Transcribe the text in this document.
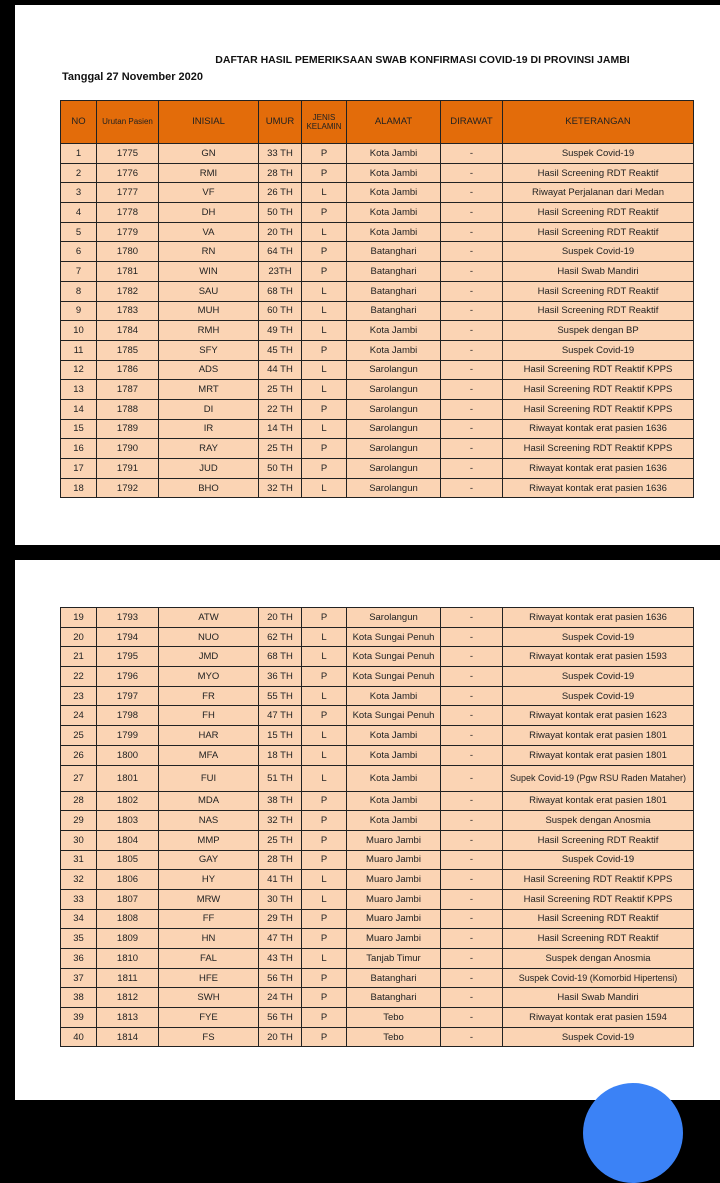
DAFTAR HASIL PEMERIKSAAN SWAB KONFIRMASI COVID-19 DI PROVINSI JAMBI
Tanggal 27 November 2020
NO	Urutan Pasien	INISIAL	UMUR	JENIS KELAMIN	ALAMAT	DIRAWAT	KETERANGAN
1	1775	GN	33 TH	P	Kota Jambi	-	Suspek Covid-19
2	1776	RMI	28 TH	P	Kota Jambi	-	Hasil Screening RDT Reaktif
3	1777	VF	26 TH	L	Kota Jambi	-	Riwayat Perjalanan dari Medan
4	1778	DH	50 TH	P	Kota Jambi	-	Hasil Screening RDT Reaktif
5	1779	VA	20 TH	L	Kota Jambi	-	Hasil Screening RDT Reaktif
6	1780	RN	64 TH	P	Batanghari	-	Suspek Covid-19
7	1781	WIN	23TH	P	Batanghari	-	Hasil Swab Mandiri
8	1782	SAU	68 TH	L	Batanghari	-	Hasil Screening RDT Reaktif
9	1783	MUH	60 TH	L	Batanghari	-	Hasil Screening RDT Reaktif
10	1784	RMH	49 TH	L	Kota Jambi	-	Suspek dengan BP
11	1785	SFY	45 TH	P	Kota Jambi	-	Suspek Covid-19
12	1786	ADS	44 TH	L	Sarolangun	-	Hasil Screening RDT Reaktif KPPS
13	1787	MRT	25 TH	L	Sarolangun	-	Hasil Screening RDT Reaktif KPPS
14	1788	DI	22 TH	P	Sarolangun	-	Hasil Screening RDT Reaktif KPPS
15	1789	IR	14 TH	L	Sarolangun	-	Riwayat kontak erat pasien 1636
16	1790	RAY	25 TH	P	Sarolangun	-	Hasil Screening RDT Reaktif KPPS
17	1791	JUD	50 TH	P	Sarolangun	-	Riwayat kontak erat pasien 1636
18	1792	BHO	32 TH	L	Sarolangun	-	Riwayat kontak erat pasien 1636
19	1793	ATW	20 TH	P	Sarolangun	-	Riwayat kontak erat pasien 1636
20	1794	NUO	62 TH	L	Kota Sungai Penuh	-	Suspek Covid-19
21	1795	JMD	68 TH	L	Kota Sungai Penuh	-	Riwayat kontak erat pasien 1593
22	1796	MYO	36 TH	P	Kota Sungai Penuh	-	Suspek Covid-19
23	1797	FR	55 TH	L	Kota Jambi	-	Suspek Covid-19
24	1798	FH	47 TH	P	Kota Sungai Penuh	-	Riwayat kontak erat pasien 1623
25	1799	HAR	15 TH	L	Kota Jambi	-	Riwayat kontak erat pasien 1801
26	1800	MFA	18 TH	L	Kota Jambi	-	Riwayat kontak erat pasien 1801
27	1801	FUI	51 TH	L	Kota Jambi	-	Supek Covid-19 (Pgw RSU Raden Mataher)
28	1802	MDA	38 TH	P	Kota Jambi	-	Riwayat kontak erat pasien 1801
29	1803	NAS	32 TH	P	Kota Jambi	-	Suspek dengan Anosmia
30	1804	MMP	25 TH	P	Muaro Jambi	-	Hasil Screening RDT Reaktif
31	1805	GAY	28 TH	P	Muaro Jambi	-	Suspek Covid-19
32	1806	HY	41 TH	L	Muaro Jambi	-	Hasil Screening RDT Reaktif KPPS
33	1807	MRW	30 TH	L	Muaro Jambi	-	Hasil Screening RDT Reaktif KPPS
34	1808	FF	29 TH	P	Muaro Jambi	-	Hasil Screening RDT Reaktif
35	1809	HN	47 TH	P	Muaro Jambi	-	Hasil Screening RDT Reaktif
36	1810	FAL	43 TH	L	Tanjab Timur	-	Suspek dengan Anosmia
37	1811	HFE	56 TH	P	Batanghari	-	Suspek Covid-19 (Komorbid Hipertensi)
38	1812	SWH	24 TH	P	Batanghari	-	Hasil Swab Mandiri
39	1813	FYE	56 TH	P	Tebo	-	Riwayat kontak erat pasien 1594
40	1814	FS	20 TH	P	Tebo	-	Suspek Covid-19
